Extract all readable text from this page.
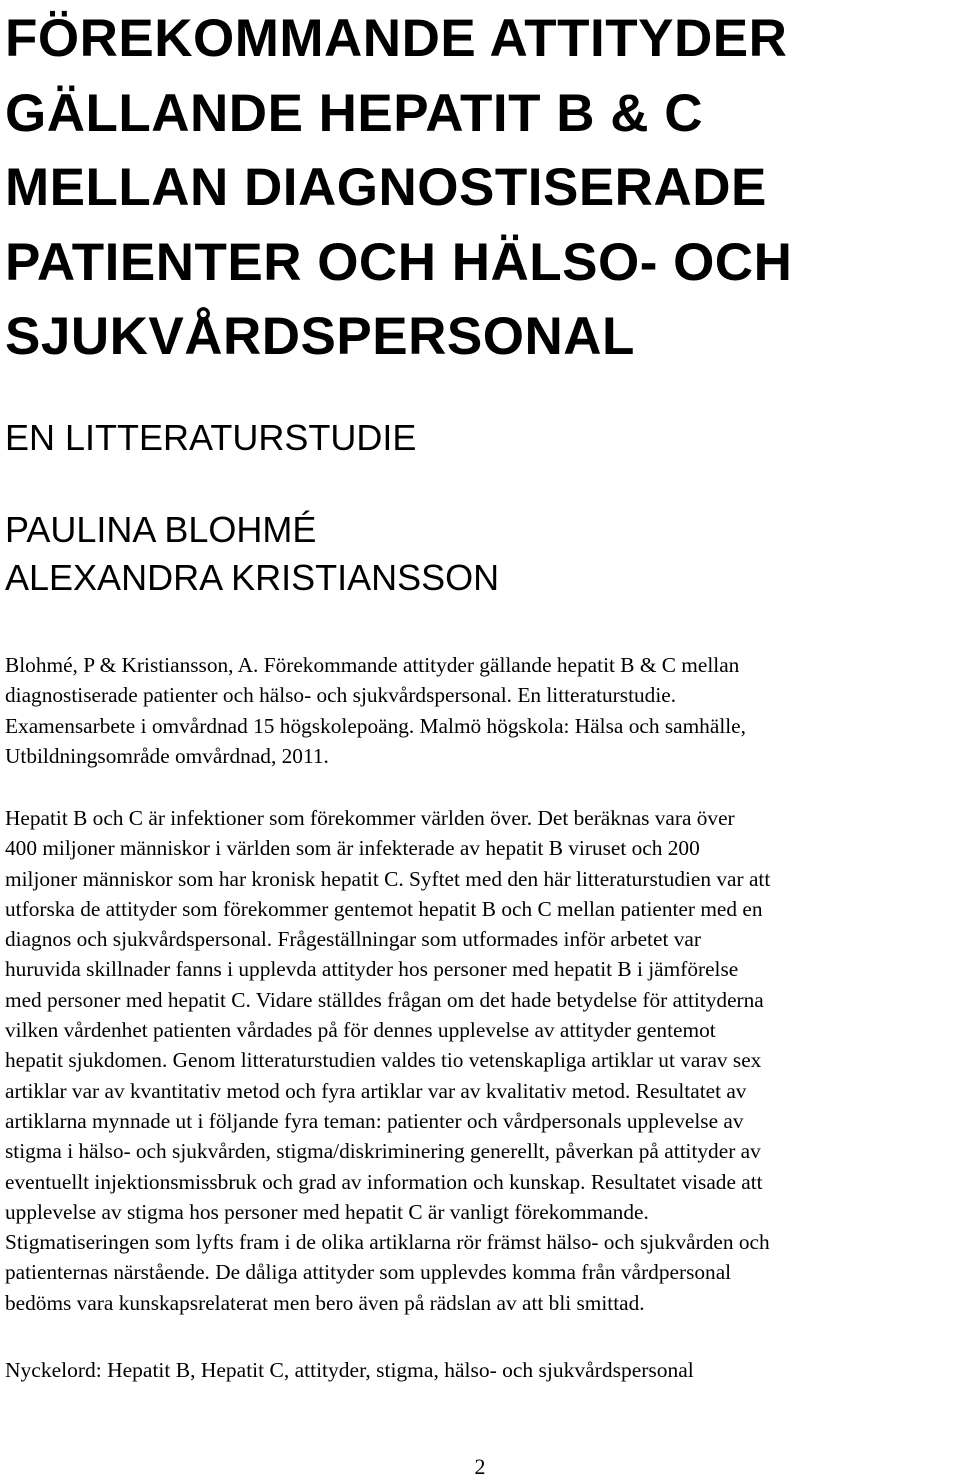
FÖREKOMMANDE ATTITYDER
GÄLLANDE HEPATIT B & C
MELLAN DIAGNOSTISERADE
PATIENTER OCH HÄLSO- OCH
SJUKVÅRDSPERSONAL
EN LITTERATURSTUDIE
PAULINA BLOHMÉ
ALEXANDRA KRISTIANSSON

Blohmé, P & Kristiansson, A. Förekommande attityder gällande hepatit B & C mellan
diagnostiserade patienter och hälso- och sjukvårdspersonal. En litteraturstudie.
Examensarbete i omvårdnad 15 högskolepoäng. Malmö högskola: Hälsa och samhälle,
Utbildningsområde omvårdnad, 2011.

Hepatit B och C är infektioner som förekommer världen över. Det beräknas vara över
400 miljoner människor i världen som är infekterade av hepatit B viruset och 200
miljoner människor som har kronisk hepatit C. Syftet med den här litteraturstudien var att
utforska de attityder som förekommer gentemot hepatit B och C mellan patienter med en
diagnos och sjukvårdspersonal. Frågeställningar som utformades inför arbetet var
huruvida skillnader fanns i upplevda attityder hos personer med hepatit B i jämförelse
med personer med hepatit C. Vidare ställdes frågan om det hade betydelse för attityderna
vilken vårdenhet patienten vårdades på för dennes upplevelse av attityder gentemot
hepatit sjukdomen. Genom litteraturstudien valdes tio vetenskapliga artiklar ut varav sex
artiklar var av kvantitativ metod och fyra artiklar var av kvalitativ metod. Resultatet av
artiklarna mynnade ut i följande fyra teman: patienter och vårdpersonals upplevelse av
stigma i hälso- och sjukvården, stigma/diskriminering generellt, påverkan på attityder av
eventuellt injektionsmissbruk och grad av information och kunskap. Resultatet visade att
upplevelse av stigma hos personer med hepatit C är vanligt förekommande.
Stigmatiseringen som lyfts fram i de olika artiklarna rör främst hälso- och sjukvården och
patienternas närstående. De dåliga attityder som upplevdes komma från vårdpersonal
bedöms vara kunskapsrelaterat men bero även på rädslan av att bli smittad.

Nyckelord: Hepatit B, Hepatit C, attityder, stigma, hälso- och sjukvårdspersonal

2
